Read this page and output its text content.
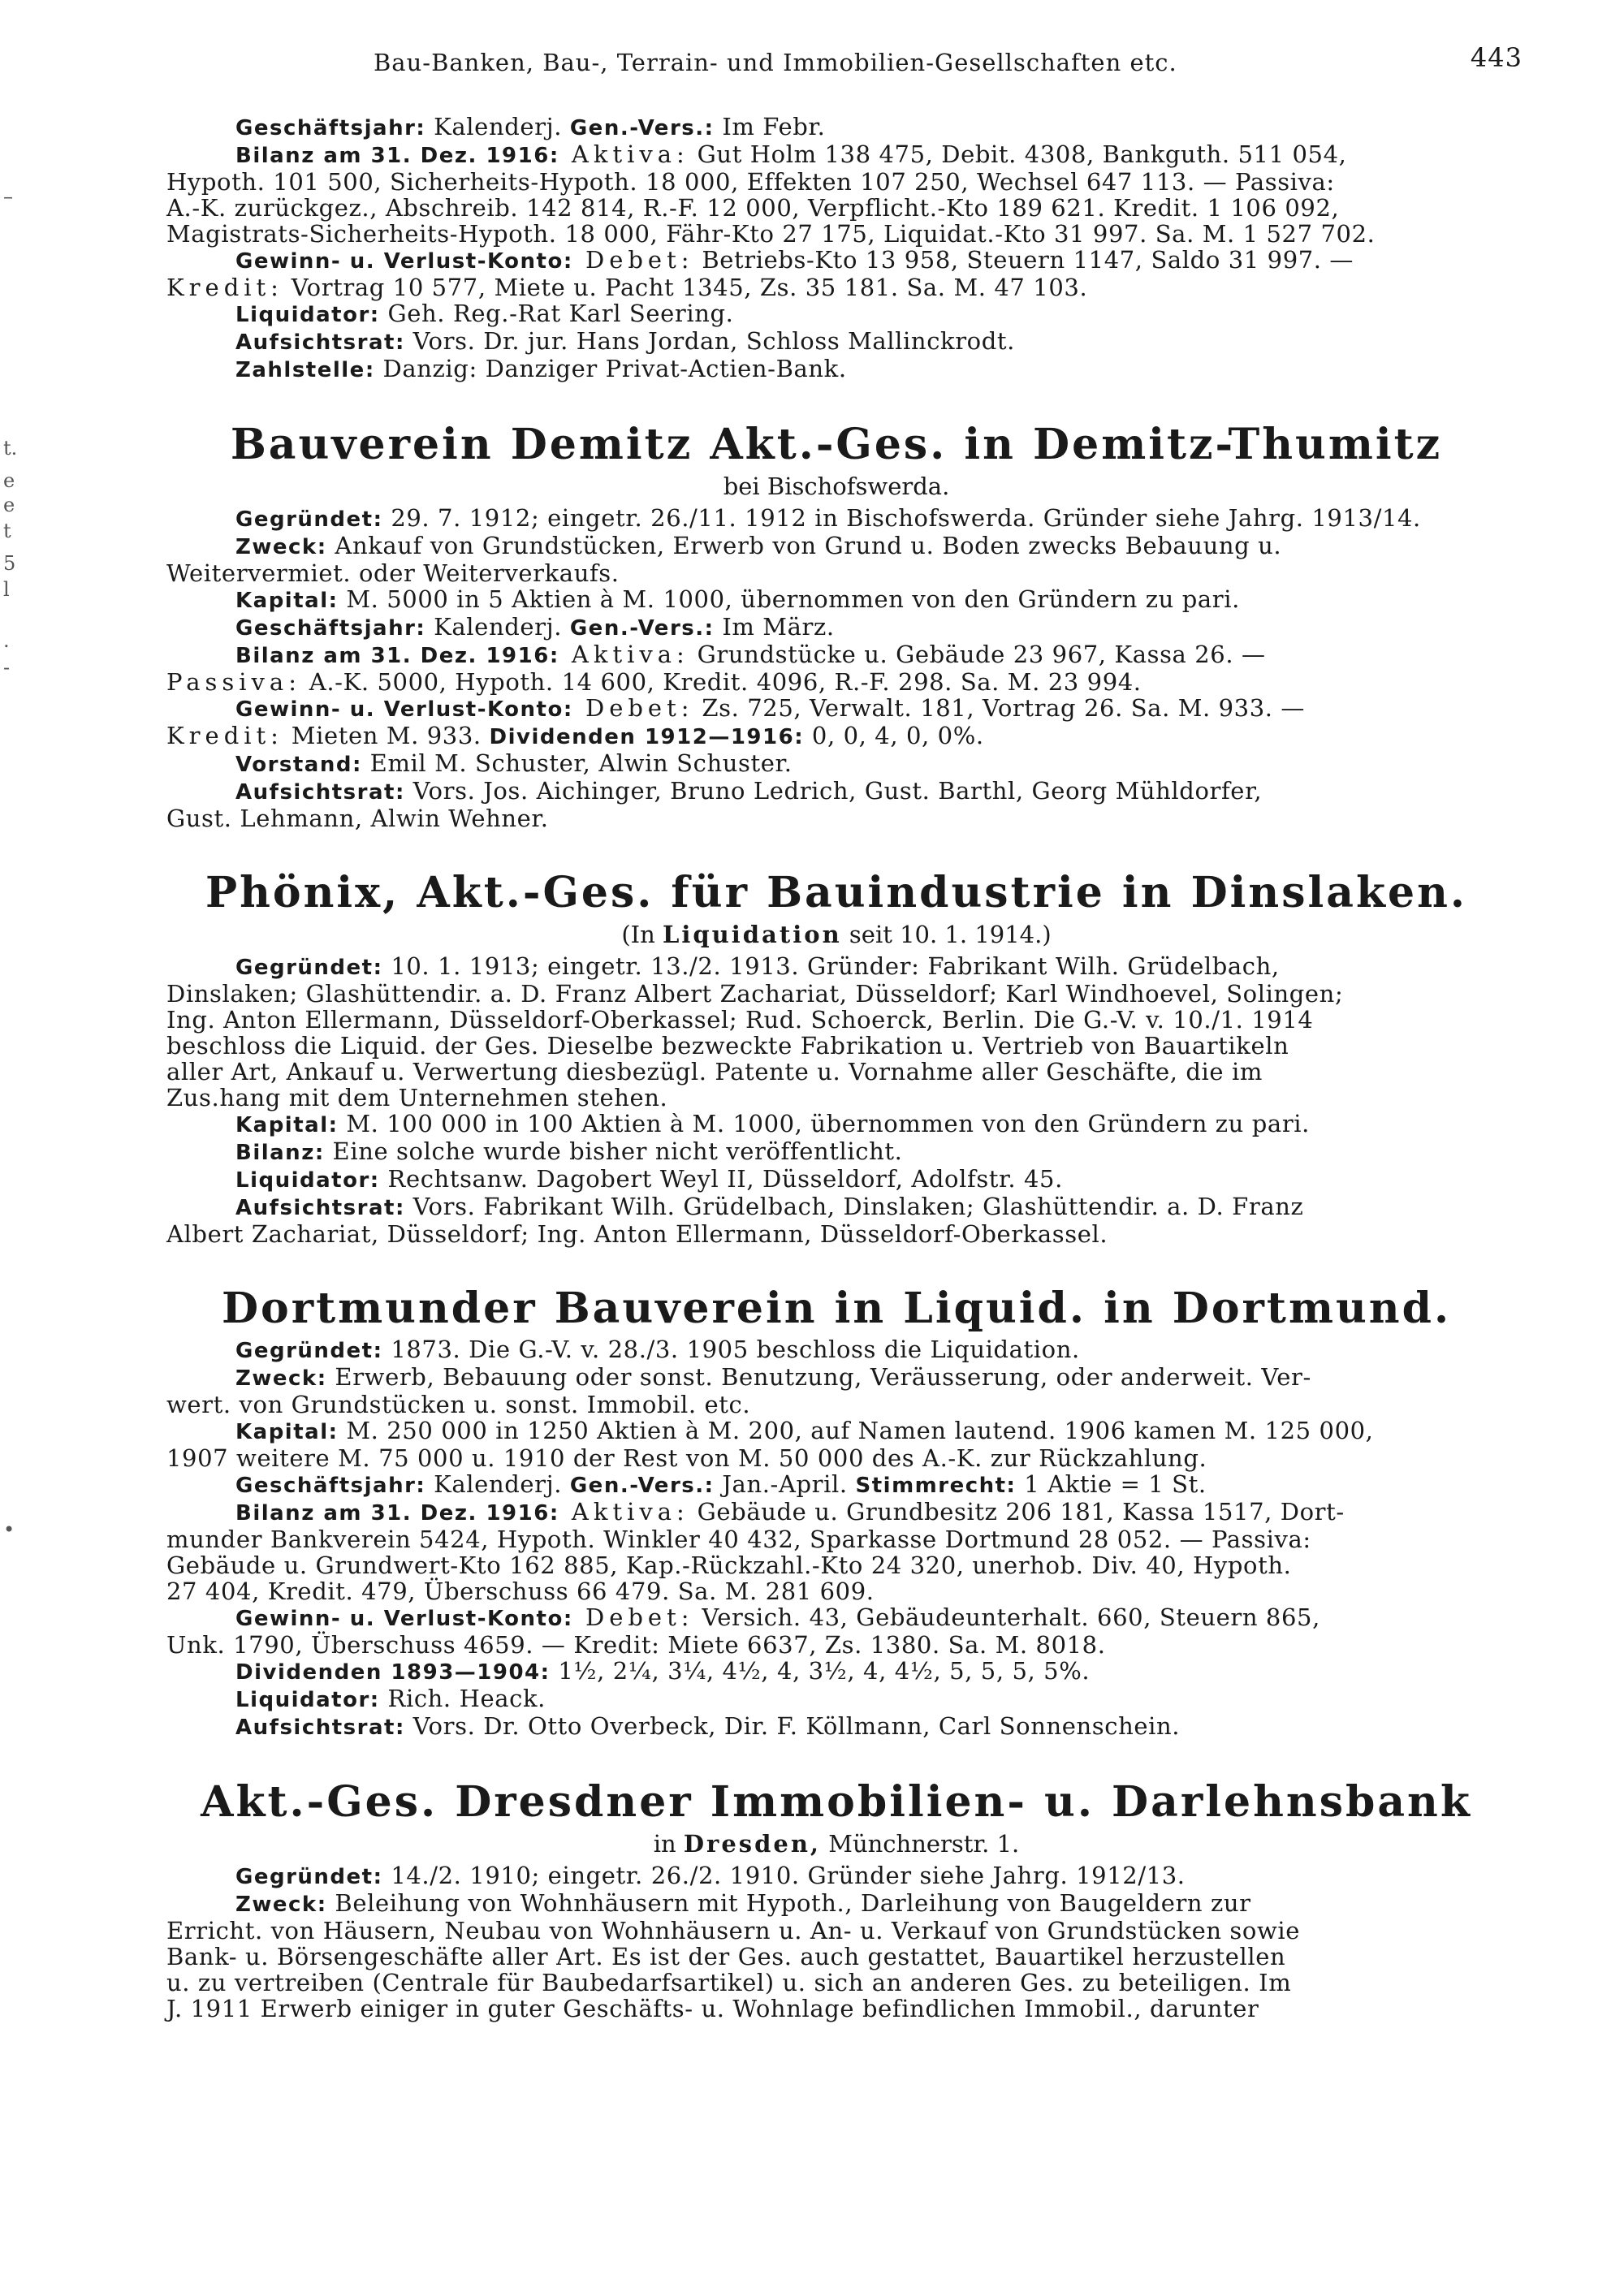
–
t.
e
e
t
5
l
.
-
•
Bau-Banken, Bau-, Terrain- und Immobilien-Gesellschaften etc.	443

Geschäftsjahr: Kalenderj. Gen.-Vers.: Im Febr.

Bilanz am 31. Dez. 1916: Aktiva: Gut Holm 138 475, Debit. 4308, Bankguth. 511 054,

Hypoth. 101 500, Sicherheits-Hypoth. 18 000, Effekten 107 250, Wechsel 647 113. — Passiva:

A.-K. zurückgez., Abschreib. 142 814, R.-F. 12 000, Verpflicht.-Kto 189 621. Kredit. 1 106 092,

Magistrats-Sicherheits-Hypoth. 18 000, Fähr-Kto 27 175, Liquidat.-Kto 31 997. Sa. M. 1 527 702.

Gewinn- u. Verlust-Konto: Debet: Betriebs-Kto 13 958, Steuern 1147, Saldo 31 997. —

Kredit: Vortrag 10 577, Miete u. Pacht 1345, Zs. 35 181. Sa. M. 47 103.

Liquidator: Geh. Reg.-Rat Karl Seering.

Aufsichtsrat: Vors. Dr. jur. Hans Jordan, Schloss Mallinckrodt.

Zahlstelle: Danzig: Danziger Privat-Actien-Bank.

Bauverein Demitz Akt.-Ges. in Demitz-Thumitz
bei Bischofswerda.

Gegründet: 29. 7. 1912; eingetr. 26./11. 1912 in Bischofswerda. Gründer siehe Jahrg. 1913/14.

Zweck: Ankauf von Grundstücken, Erwerb von Grund u. Boden zwecks Bebauung u.

Weitervermiet. oder Weiterverkaufs.

Kapital: M. 5000 in 5 Aktien à M. 1000, übernommen von den Gründern zu pari.

Geschäftsjahr: Kalenderj. Gen.-Vers.: Im März.

Bilanz am 31. Dez. 1916: Aktiva: Grundstücke u. Gebäude 23 967, Kassa 26. —

Passiva: A.-K. 5000, Hypoth. 14 600, Kredit. 4096, R.-F. 298. Sa. M. 23 994.

Gewinn- u. Verlust-Konto: Debet: Zs. 725, Verwalt. 181, Vortrag 26. Sa. M. 933. —

Kredit: Mieten M. 933. Dividenden 1912—1916: 0, 0, 4, 0, 0%.

Vorstand: Emil M. Schuster, Alwin Schuster.

Aufsichtsrat: Vors. Jos. Aichinger, Bruno Ledrich, Gust. Barthl, Georg Mühldorfer,

Gust. Lehmann, Alwin Wehner.

Phönix, Akt.-Ges. für Bauindustrie in Dinslaken.
(In Liquidation seit 10. 1. 1914.)

Gegründet: 10. 1. 1913; eingetr. 13./2. 1913. Gründer: Fabrikant Wilh. Grüdelbach,

Dinslaken; Glashüttendir. a. D. Franz Albert Zachariat, Düsseldorf; Karl Windhoevel, Solingen;

Ing. Anton Ellermann, Düsseldorf-Oberkassel; Rud. Schoerck, Berlin. Die G.-V. v. 10./1. 1914

beschloss die Liquid. der Ges. Dieselbe bezweckte Fabrikation u. Vertrieb von Bauartikeln

aller Art, Ankauf u. Verwertung diesbezügl. Patente u. Vornahme aller Geschäfte, die im

Zus.hang mit dem Unternehmen stehen.

Kapital: M. 100 000 in 100 Aktien à M. 1000, übernommen von den Gründern zu pari.

Bilanz: Eine solche wurde bisher nicht veröffentlicht.

Liquidator: Rechtsanw. Dagobert Weyl II, Düsseldorf, Adolfstr. 45.

Aufsichtsrat: Vors. Fabrikant Wilh. Grüdelbach, Dinslaken; Glashüttendir. a. D. Franz

Albert Zachariat, Düsseldorf; Ing. Anton Ellermann, Düsseldorf-Oberkassel.

Dortmunder Bauverein in Liquid. in Dortmund.

Gegründet: 1873. Die G.-V. v. 28./3. 1905 beschloss die Liquidation.

Zweck: Erwerb, Bebauung oder sonst. Benutzung, Veräusserung, oder anderweit. Ver-

wert. von Grundstücken u. sonst. Immobil. etc.

Kapital: M. 250 000 in 1250 Aktien à M. 200, auf Namen lautend. 1906 kamen M. 125 000,

1907 weitere M. 75 000 u. 1910 der Rest von M. 50 000 des A.-K. zur Rückzahlung.

Geschäftsjahr: Kalenderj. Gen.-Vers.: Jan.-April. Stimmrecht: 1 Aktie = 1 St.

Bilanz am 31. Dez. 1916: Aktiva: Gebäude u. Grundbesitz 206 181, Kassa 1517, Dort-

munder Bankverein 5424, Hypoth. Winkler 40 432, Sparkasse Dortmund 28 052. — Passiva:

Gebäude u. Grundwert-Kto 162 885, Kap.-Rückzahl.-Kto 24 320, unerhob. Div. 40, Hypoth.

27 404, Kredit. 479, Überschuss 66 479. Sa. M. 281 609.

Gewinn- u. Verlust-Konto: Debet: Versich. 43, Gebäudeunterhalt. 660, Steuern 865,

Unk. 1790, Überschuss 4659. — Kredit: Miete 6637, Zs. 1380. Sa. M. 8018.

Dividenden 1893—1904: 1½, 2¼, 3¼, 4½, 4, 3½, 4, 4½, 5, 5, 5, 5%.

Liquidator: Rich. Heack.

Aufsichtsrat: Vors. Dr. Otto Overbeck, Dir. F. Köllmann, Carl Sonnenschein.

Akt.-Ges. Dresdner Immobilien- u. Darlehnsbank
in Dresden, Münchnerstr. 1.

Gegründet: 14./2. 1910; eingetr. 26./2. 1910. Gründer siehe Jahrg. 1912/13.

Zweck: Beleihung von Wohnhäusern mit Hypoth., Darleihung von Baugeldern zur

Erricht. von Häusern, Neubau von Wohnhäusern u. An- u. Verkauf von Grundstücken sowie

Bank- u. Börsengeschäfte aller Art. Es ist der Ges. auch gestattet, Bauartikel herzustellen

u. zu vertreiben (Centrale für Baubedarfsartikel) u. sich an anderen Ges. zu beteiligen. Im

J. 1911 Erwerb einiger in guter Geschäfts- u. Wohnlage befindlichen Immobil., darunter
